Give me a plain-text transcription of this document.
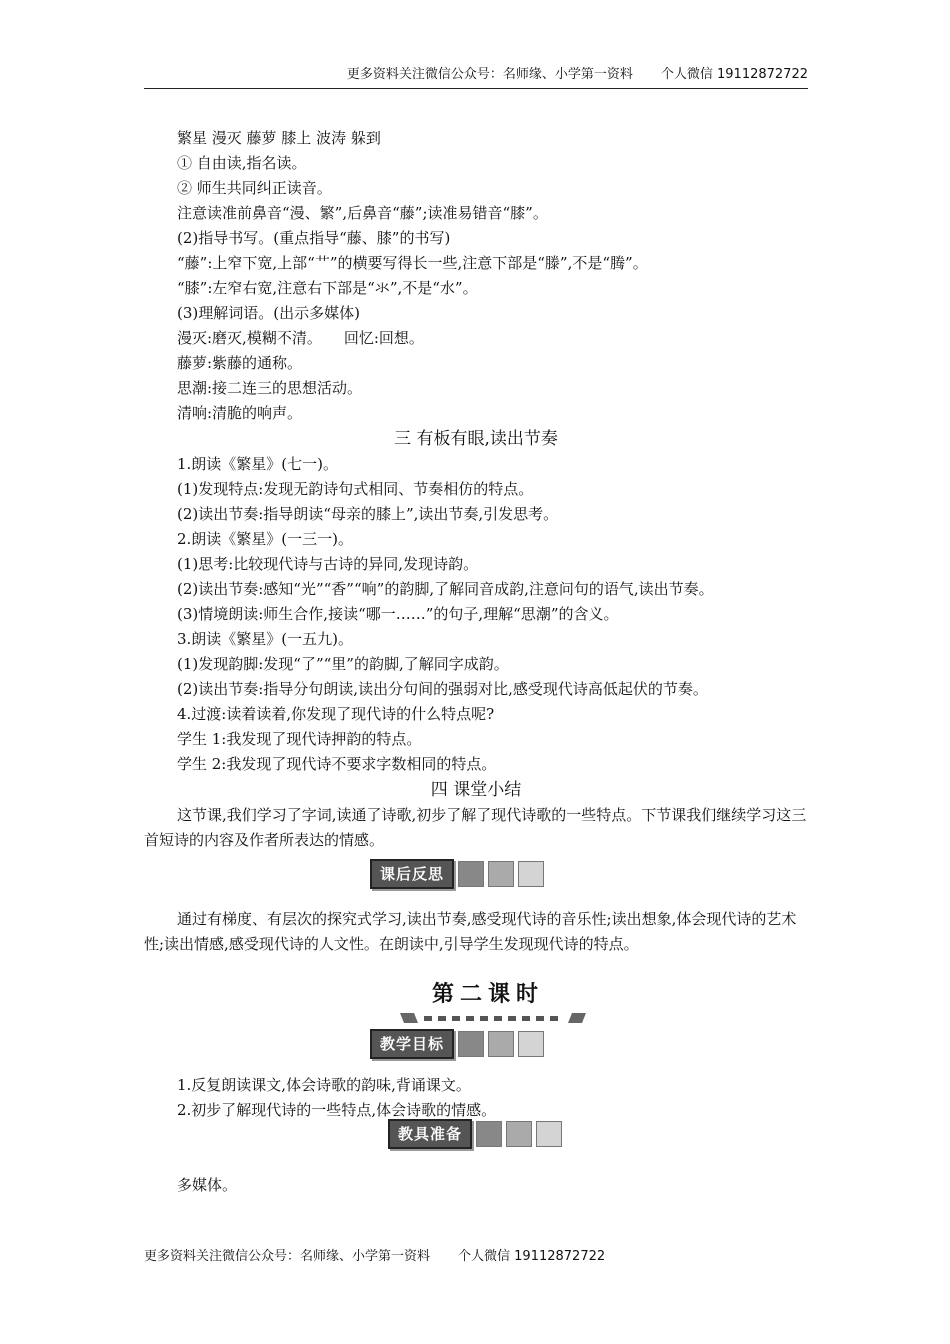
更多资料关注微信公众号：名师缘、小学第一资料 个人微信 19112872722
繁星 漫灭 藤萝 膝上 波涛 躲到
① 自由读,指名读。
② 师生共同纠正读音。
注意读准前鼻音“漫、繁”,后鼻音“藤”;读准易错音“膝”。
(2)指导书写。(重点指导“藤、膝”的书写)
“藤”:上窄下宽,上部“艹”的横要写得长一些,注意下部是“滕”,不是“腾”。
“膝”:左窄右宽,注意右下部是“氺”,不是“水”。
(3)理解词语。(出示多媒体)
漫灭:磨灭,模糊不清。 回忆:回想。
藤萝:紫藤的通称。
思潮:接二连三的思想活动。
清响:清脆的响声。
三 有板有眼,读出节奏
1.朗读《繁星》(七一)。
(1)发现特点:发现无韵诗句式相同、节奏相仿的特点。
(2)读出节奏:指导朗读“母亲的膝上”,读出节奏,引发思考。
2.朗读《繁星》(一三一)。
(1)思考:比较现代诗与古诗的异同,发现诗韵。
(2)读出节奏:感知“光”“香”“响”的韵脚,了解同音成韵,注意问句的语气,读出节奏。
(3)情境朗读:师生合作,接读“哪一……”的句子,理解“思潮”的含义。
3.朗读《繁星》(一五九)。
(1)发现韵脚:发现“了”“里”的韵脚,了解同字成韵。
(2)读出节奏:指导分句朗读,读出分句间的强弱对比,感受现代诗高低起伏的节奏。
4.过渡:读着读着,你发现了现代诗的什么特点呢?
学生 1:我发现了现代诗押韵的特点。
学生 2:我发现了现代诗不要求字数相同的特点。
四 课堂小结
这节课,我们学习了字词,读通了诗歌,初步了解了现代诗歌的一些特点。下节课我们继续学习这三首短诗的内容及作者所表达的情感。
课后反思
通过有梯度、有层次的探究式学习,读出节奏,感受现代诗的音乐性;读出想象,体会现代诗的艺术性;读出情感,感受现代诗的人文性。在朗读中,引导学生发现现代诗的特点。
第二课时
教学目标
1.反复朗读课文,体会诗歌的韵味,背诵课文。
2.初步了解现代诗的一些特点,体会诗歌的情感。
教具准备
多媒体。
更多资料关注微信公众号：名师缘、小学第一资料 个人微信 19112872722
